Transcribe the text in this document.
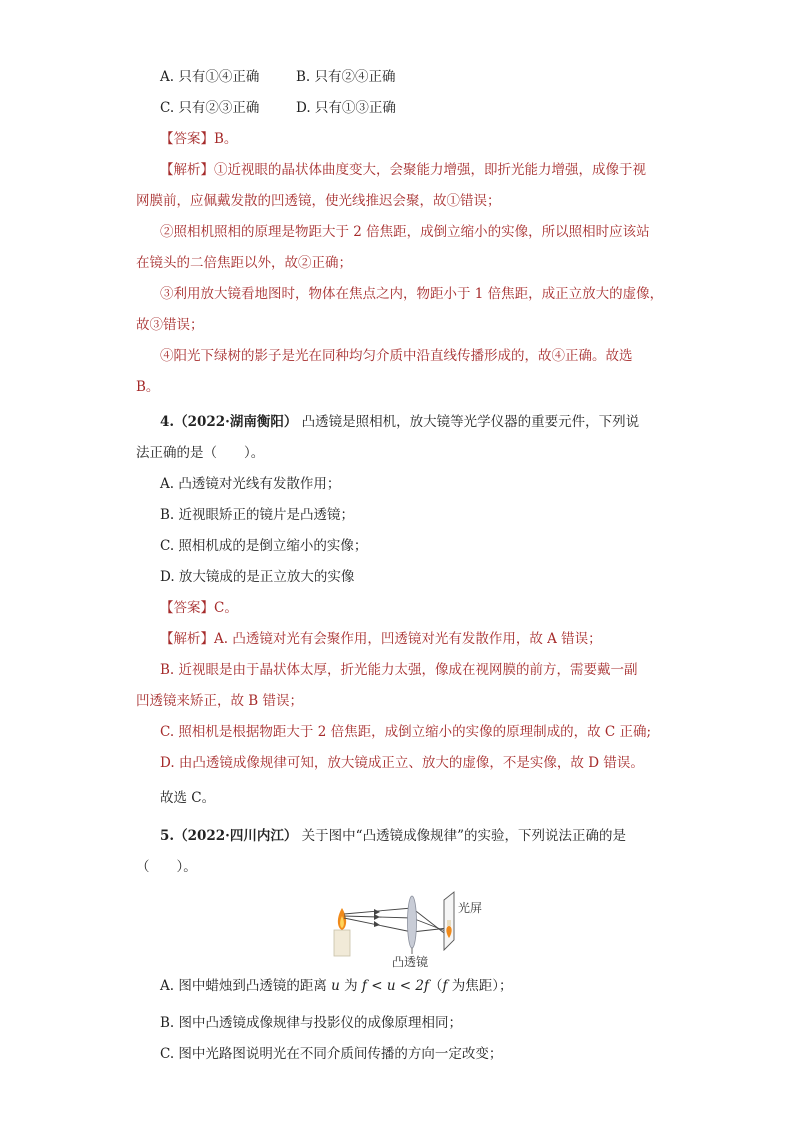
A. 只有①④正确	B. 只有②④正确
C. 只有②③正确	D. 只有①③正确
【答案】B。
【解析】①近视眼的晶状体曲度变大，会聚能力增强，即折光能力增强，成像于视
网膜前，应佩戴发散的凹透镜，使光线推迟会聚，故①错误；
②照相机照相的原理是物距大于 2 倍焦距，成倒立缩小的实像，所以照相时应该站
在镜头的二倍焦距以外，故②正确；
③利用放大镜看地图时，物体在焦点之内，物距小于 1 倍焦距，成正立放大的虚像，
故③错误；
④阳光下绿树的影子是光在同种均匀介质中沿直线传播形成的，故④正确。故选
B。
4.（2022·湖南衡阳） 凸透镜是照相机，放大镜等光学仪器的重要元件，下列说
法正确的是（　　）。
A. 凸透镜对光线有发散作用；
B. 近视眼矫正的镜片是凸透镜；
C. 照相机成的是倒立缩小的实像；
D. 放大镜成的是正立放大的实像
【答案】C。
【解析】A. 凸透镜对光有会聚作用，凹透镜对光有发散作用，故 A 错误；
B. 近视眼是由于晶状体太厚，折光能力太强，像成在视网膜的前方，需要戴一副
凹透镜来矫正，故 B 错误；
C. 照相机是根据物距大于 2 倍焦距，成倒立缩小的实像的原理制成的，故 C 正确;
D. 由凸透镜成像规律可知，放大镜成正立、放大的虚像，不是实像，故 D 错误。
故选 C。
5.（2022·四川内江） 关于图中“凸透镜成像规律”的实验，下列说法正确的是
（　　）。
光屏
凸透镜
A. 图中蜡烛到凸透镜的距离 u 为 f < u < 2f（f 为焦距）；
B. 图中凸透镜成像规律与投影仪的成像原理相同；
C. 图中光路图说明光在不同介质间传播的方向一定改变；
